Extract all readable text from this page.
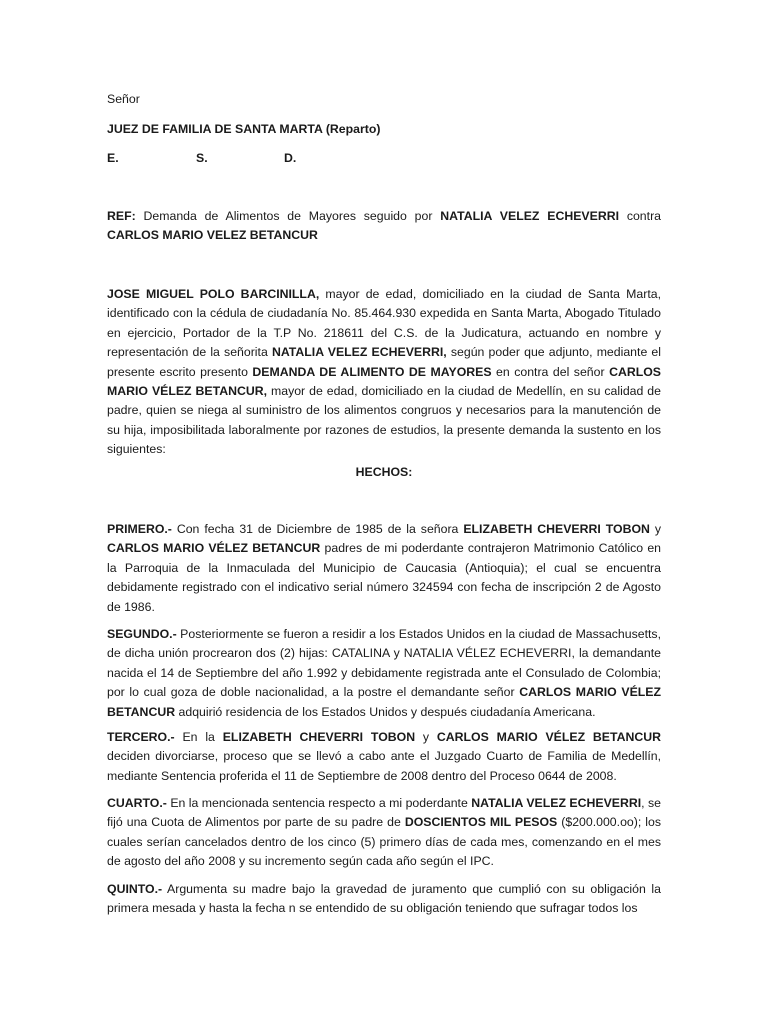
Señor

JUEZ DE FAMILIA DE SANTA MARTA (Reparto)

E.	S.	D.

REF: Demanda de Alimentos de Mayores seguido por NATALIA VELEZ ECHEVERRI contra CARLOS MARIO VELEZ BETANCUR

JOSE MIGUEL POLO BARCINILLA, mayor de edad, domiciliado en la ciudad de Santa Marta, identificado con la cédula de ciudadanía No. 85.464.930 expedida en Santa Marta, Abogado Titulado en ejercicio, Portador de la T.P No. 218611 del C.S. de la Judicatura, actuando en nombre y representación de la señorita NATALIA VELEZ ECHEVERRI, según poder que adjunto, mediante el presente escrito presento DEMANDA DE ALIMENTO DE MAYORES en contra del señor CARLOS MARIO VÉLEZ BETANCUR, mayor de edad, domiciliado en la ciudad de Medellín, en su calidad de padre, quien se niega al suministro de los alimentos congruos y necesarios para la manutención de su hija, imposibilitada laboralmente por razones de estudios, la presente demanda la sustento en los siguientes:

HECHOS:

PRIMERO.- Con fecha 31 de Diciembre de 1985 de la señora ELIZABETH CHEVERRI TOBON y CARLOS MARIO VÉLEZ BETANCUR padres de mi poderdante contrajeron Matrimonio Católico en la Parroquia de la Inmaculada del Municipio de Caucasia (Antioquia); el cual se encuentra debidamente registrado con el indicativo serial número 324594 con fecha de inscripción 2 de Agosto de 1986.

SEGUNDO.- Posteriormente se fueron a residir a los Estados Unidos en la ciudad de Massachusetts, de dicha unión procrearon dos (2) hijas: CATALINA y NATALIA VÉLEZ ECHEVERRI, la demandante nacida el 14 de Septiembre del año 1.992 y debidamente registrada ante el Consulado de Colombia; por lo cual goza de doble nacionalidad, a la postre el demandante señor CARLOS MARIO VÉLEZ BETANCUR adquirió residencia de los Estados Unidos y después ciudadanía Americana.

TERCERO.- En la ELIZABETH CHEVERRI TOBON y CARLOS MARIO VÉLEZ BETANCUR deciden divorciarse, proceso que se llevó a cabo ante el Juzgado Cuarto de Familia de Medellín, mediante Sentencia proferida el 11 de Septiembre de 2008 dentro del Proceso 0644 de 2008.

CUARTO.- En la mencionada sentencia respecto a mi poderdante NATALIA VELEZ ECHEVERRI, se fijó una Cuota de Alimentos por parte de su padre de DOSCIENTOS MIL PESOS ($200.000.oo); los cuales serían cancelados dentro de los cinco (5) primero días de cada mes, comenzando en el mes de agosto del año 2008 y su incremento según cada año según el IPC.

QUINTO.- Argumenta su madre bajo la gravedad de juramento que cumplió con su obligación la primera mesada y hasta la fecha n se entendido de su obligación teniendo que sufragar todos los
